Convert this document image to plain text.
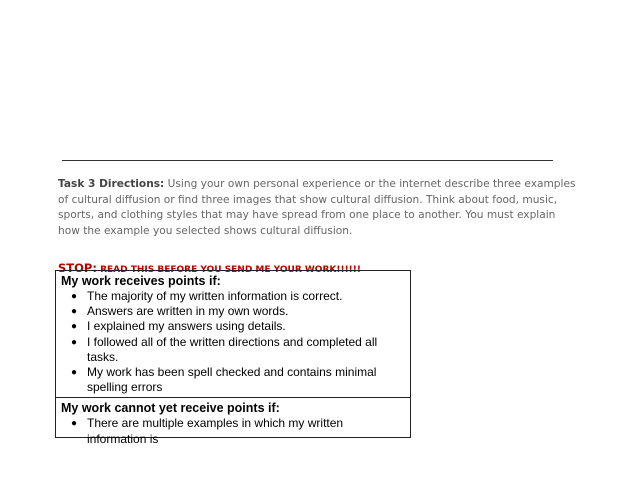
Task 3 Directions: Using your own personal experience or the internet describe three examples of cultural diffusion or find three images that show cultural diffusion. Think about food, music, sports, and clothing styles that may have spread from one place to another. You must explain how the example you selected shows cultural diffusion.

STOP: READ THIS BEFORE YOU SEND ME YOUR WORK!!!!!!
My work receives points if:
● The majority of my written information is correct.
● Answers are written in my own words.
● I explained my answers using details.
● I followed all of the written directions and completed all tasks.
● My work has been spell checked and contains minimal spelling errors
My work cannot yet receive points if:
● There are multiple examples in which my written information is
